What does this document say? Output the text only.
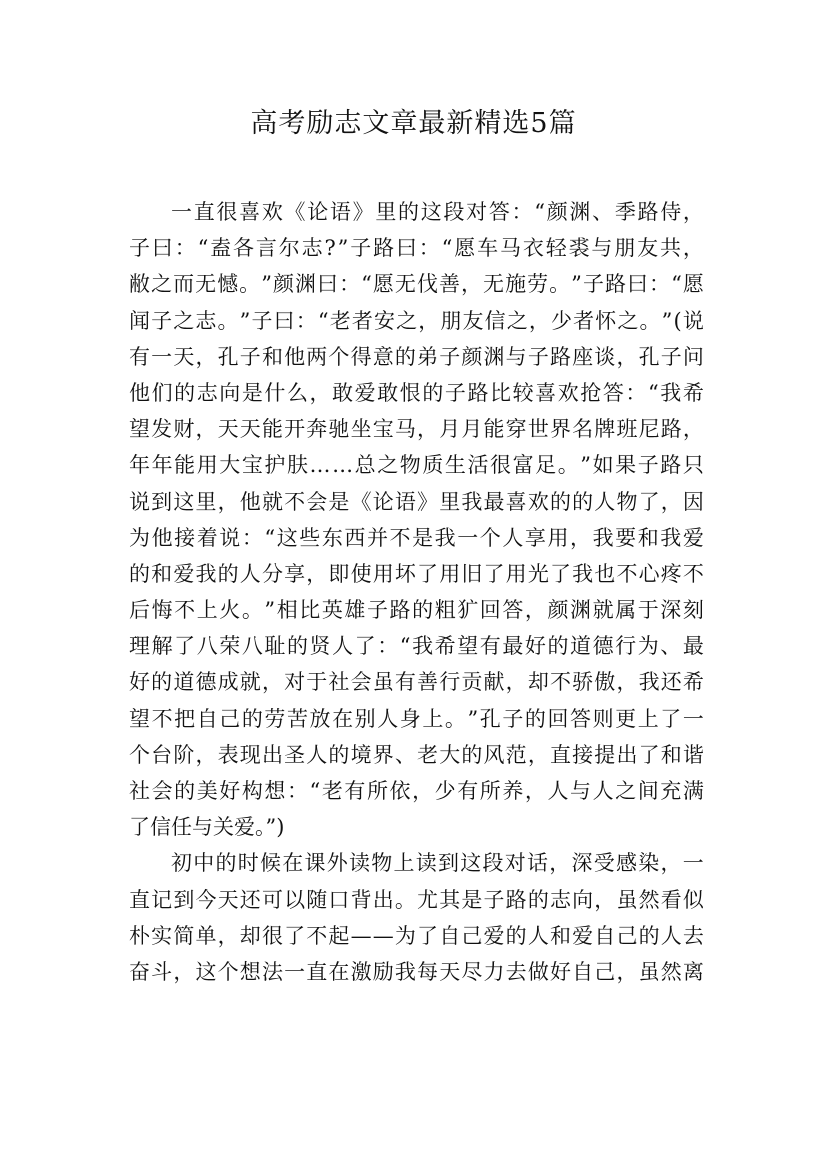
高考励志文章最新精选5篇
一 直 很 喜 欢 《 论 语 》 里 的 这 段 对 答 ： “ 颜 渊 、 季 路 侍 ，
子 曰 ： “ 盍 各 言 尔 志 ? ” 子 路 曰 ： “ 愿 车 马 衣 轻 裘 与 朋 友 共 ，
敝 之 而 无 憾 。 ” 颜 渊 曰 ： “ 愿 无 伐 善 ， 无 施 劳 。 ” 子 路 曰 ： “ 愿
闻 子 之 志 。 ” 子 曰 ： “ 老 者 安 之 ， 朋 友 信 之 ， 少 者 怀 之 。 ” ( 说
有 一 天 ， 孔 子 和 他 两 个 得 意 的 弟 子 颜 渊 与 子 路 座 谈 ， 孔 子 问
他 们 的 志 向 是 什 么 ， 敢 爱 敢 恨 的 子 路 比 较 喜 欢 抢 答 ： “ 我 希
望 发 财 ， 天 天 能 开 奔 驰 坐 宝 马 ， 月 月 能 穿 世 界 名 牌 班 尼 路 ，
年 年 能 用 大 宝 护 肤 … … 总 之 物 质 生 活 很 富 足 。 ” 如 果 子 路 只
说 到 这 里 ， 他 就 不 会 是 《 论 语 》 里 我 最 喜 欢 的 的 人 物 了 ， 因
为 他 接 着 说 ： “ 这 些 东 西 并 不 是 我 一 个 人 享 用 ， 我 要 和 我 爱
的 和 爱 我 的 人 分 享 ， 即 使 用 坏 了 用 旧 了 用 光 了 我 也 不 心 疼 不
后 悔 不 上 火 。 ” 相 比 英 雄 子 路 的 粗 犷 回 答 ， 颜 渊 就 属 于 深 刻
理 解 了 八 荣 八 耻 的 贤 人 了 ： “ 我 希 望 有 最 好 的 道 德 行 为 、 最
好 的 道 德 成 就 ， 对 于 社 会 虽 有 善 行 贡 献 ， 却 不 骄 傲 ， 我 还 希
望 不 把 自 己 的 劳 苦 放 在 别 人 身 上 。 ” 孔 子 的 回 答 则 更 上 了 一
个 台 阶 ， 表 现 出 圣 人 的 境 界 、 老 大 的 风 范 ， 直 接 提 出 了 和 谐
社 会 的 美 好 构 想 ： “ 老 有 所 依 ， 少 有 所 养 ， 人 与 人 之 间 充 满
了信任与关爱。”)
初 中 的 时 候 在 课 外 读 物 上 读 到 这 段 对 话 ， 深 受 感 染 ， 一
直 记 到 今 天 还 可 以 随 口 背 出 。 尤 其 是 子 路 的 志 向 ， 虽 然 看 似
朴 实 简 单 ， 却 很 了 不 起 — — 为 了 自 己 爱 的 人 和 爱 自 己 的 人 去
奋 斗 ， 这 个 想 法 一 直 在 激 励 我 每 天 尽 力 去 做 好 自 己 ， 虽 然 离
